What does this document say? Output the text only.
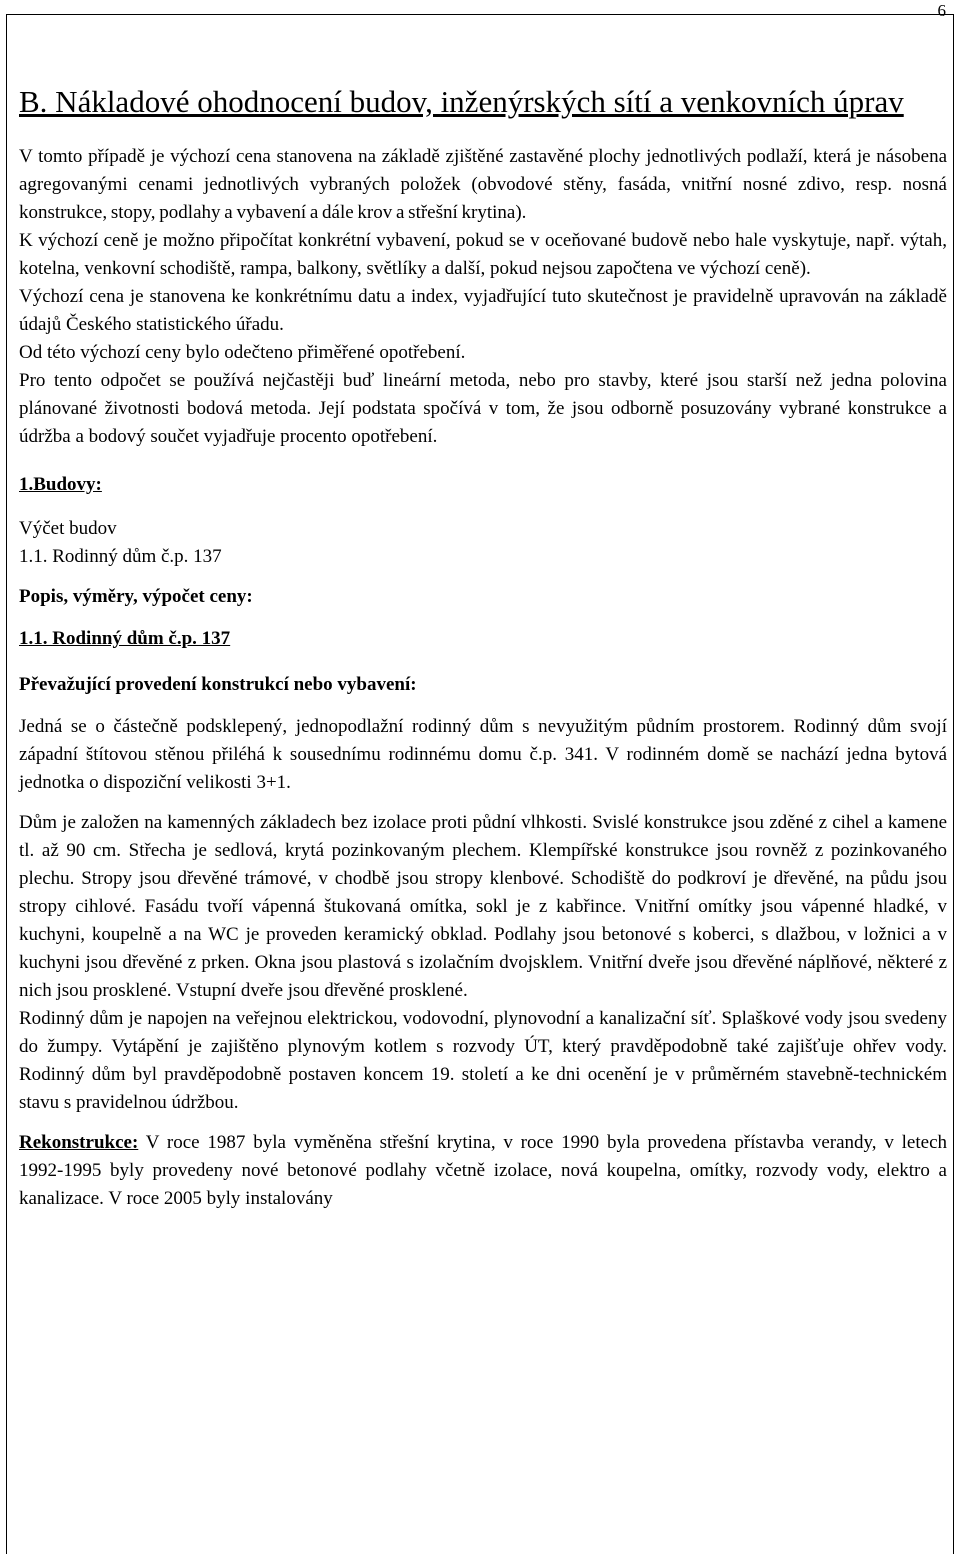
6
B. Nákladové ohodnocení budov, inženýrských sítí a venkovních úprav

V tomto případě je výchozí cena stanovena na základě zjištěné zastavěné plochy jednotlivých podlaží, která je násobena agregovanými cenami jednotlivých vybraných položek (obvodové stěny, fasáda, vnitřní nosné zdivo, resp. nosná konstrukce, stopy, podlahy a vybavení a dále krov a střešní krytina).

K výchozí ceně je možno připočítat konkrétní vybavení, pokud se v oceňované budově nebo hale vyskytuje, např. výtah, kotelna, venkovní schodiště, rampa, balkony, světlíky a další, pokud nejsou započtena ve výchozí ceně).

Výchozí cena je stanovena ke konkrétnímu datu a index, vyjadřující tuto skutečnost je pravidelně upravován na základě údajů Českého statistického úřadu.

Od této výchozí ceny bylo odečteno přiměřené opotřebení.

Pro tento odpočet se používá nejčastěji buď lineární metoda, nebo pro stavby, které jsou starší než jedna polovina plánované životnosti bodová metoda. Její podstata spočívá v tom, že jsou odborně posuzovány vybrané konstrukce a údržba a bodový součet vyjadřuje procento opotřebení.

1.Budovy:

Výčet budov

1.1. Rodinný dům č.p. 137

Popis, výměry, výpočet ceny:

1.1. Rodinný dům č.p. 137

Převažující provedení konstrukcí nebo vybavení:

Jedná se o částečně podsklepený, jednopodlažní rodinný dům s nevyužitým půdním prostorem. Rodinný dům svojí západní štítovou stěnou přiléhá k sousednímu rodinnému domu č.p. 341. V rodinném domě se nachází jedna bytová jednotka o dispoziční velikosti 3+1.

Dům je založen na kamenných základech bez izolace proti půdní vlhkosti. Svislé konstrukce jsou zděné z cihel a kamene tl. až 90 cm. Střecha je sedlová, krytá pozinkovaným plechem. Klempířské konstrukce jsou rovněž z pozinkovaného plechu. Stropy jsou dřevěné trámové, v chodbě jsou stropy klenbové. Schodiště do podkroví je dřevěné, na půdu jsou stropy cihlové. Fasádu tvoří vápenná štukovaná omítka, sokl je z kabřince. Vnitřní omítky jsou vápenné hladké, v kuchyni, koupelně a na WC je proveden keramický obklad. Podlahy jsou betonové s koberci, s dlažbou, v ložnici a v kuchyni jsou dřevěné z prken. Okna jsou plastová s izolačním dvojsklem. Vnitřní dveře jsou dřevěné náplňové, některé z nich jsou prosklené. Vstupní dveře jsou dřevěné prosklené.

Rodinný dům je napojen na veřejnou elektrickou, vodovodní, plynovodní a kanalizační síť. Splaškové vody jsou svedeny do žumpy. Vytápění je zajištěno plynovým kotlem s rozvody ÚT, který pravděpodobně také zajišťuje ohřev vody. Rodinný dům byl pravděpodobně postaven koncem 19. století a ke dni ocenění je v průměrném stavebně-technickém stavu s pravidelnou údržbou.

Rekonstrukce: V roce 1987 byla vyměněna střešní krytina, v roce 1990 byla provedena přístavba verandy, v letech 1992-1995 byly provedeny nové betonové podlahy včetně izolace, nová koupelna, omítky, rozvody vody, elektro a kanalizace. V roce 2005 byly instalovány
